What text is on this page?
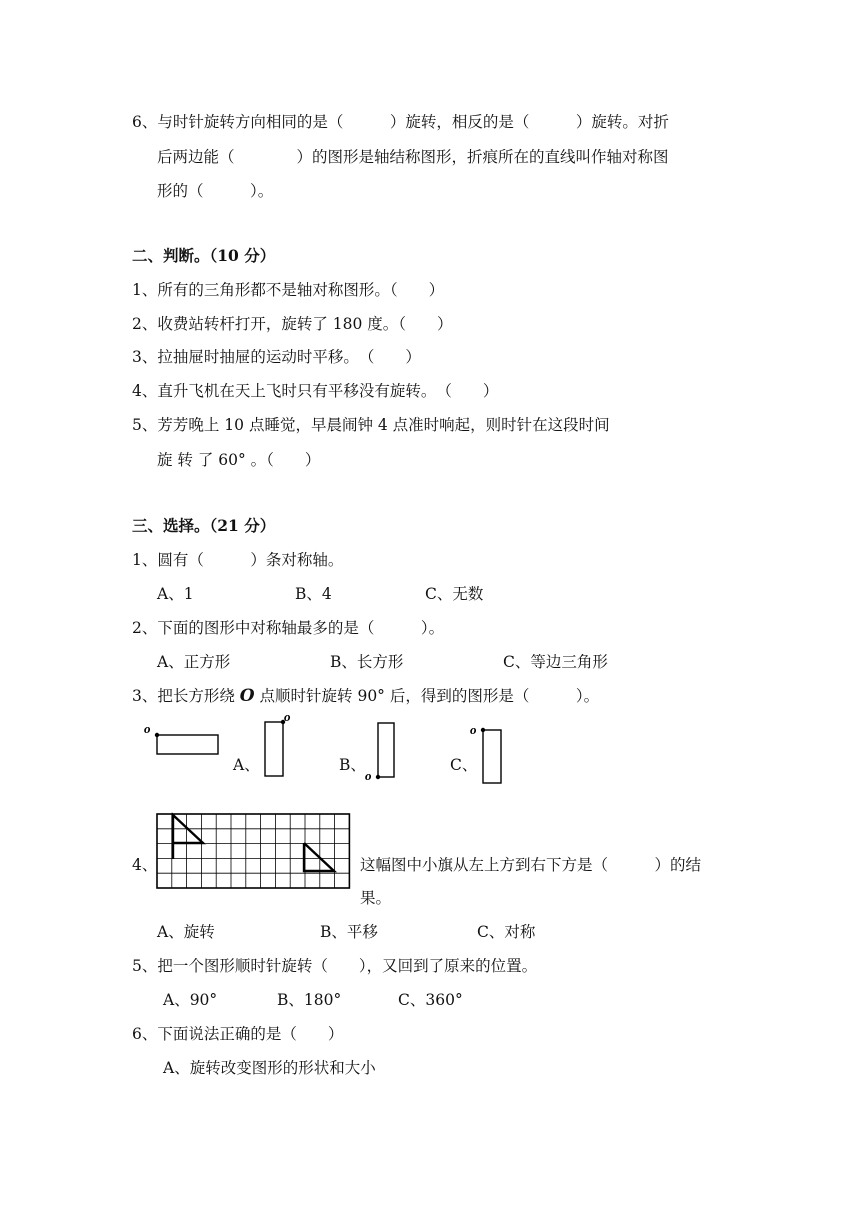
6、与时针旋转方向相同的是（　　　）旋转，相反的是（　　　）旋转。对折
后两边能（　　　　）的图形是轴结称图形，折痕所在的直线叫作轴对称图
形的（　　　）。
二、判断。（10 分）
1、所有的三角形都不是轴对称图形。（　　）
2、收费站转杆打开，旋转了 180 度。（　　）
3、拉抽屉时抽屉的运动时平移。　（　　）
4、直升飞机在天上飞时只有平移没有旋转。　（　　）
5、芳芳晚上 10 点睡觉，早晨闹钟 4 点准时响起，则时针在这段时间
旋 转 了 60° 。（　　）
三、选择。（21 分）
1、圆有（　　　）条对称轴。
A、1	B、4	C、无数
2、下面的图形中对称轴最多的是（　　　）。
A、正方形	B、长方形	C、等边三角形
3、把长方形绕 O 点顺时针旋转 90° 后，得到的图形是（　　　）。
o
A、
o
B、
o
C、
o
4、	这幅图中小旗从左上方到右下方是（　　　）的结
果。
A、旋转	B、平移	C、对称
5、把一个图形顺时针旋转（　　），又回到了原来的位置。
A、90°	B、180°	C、360°
6、下面说法正确的是（　　）
A、旋转改变图形的形状和大小
